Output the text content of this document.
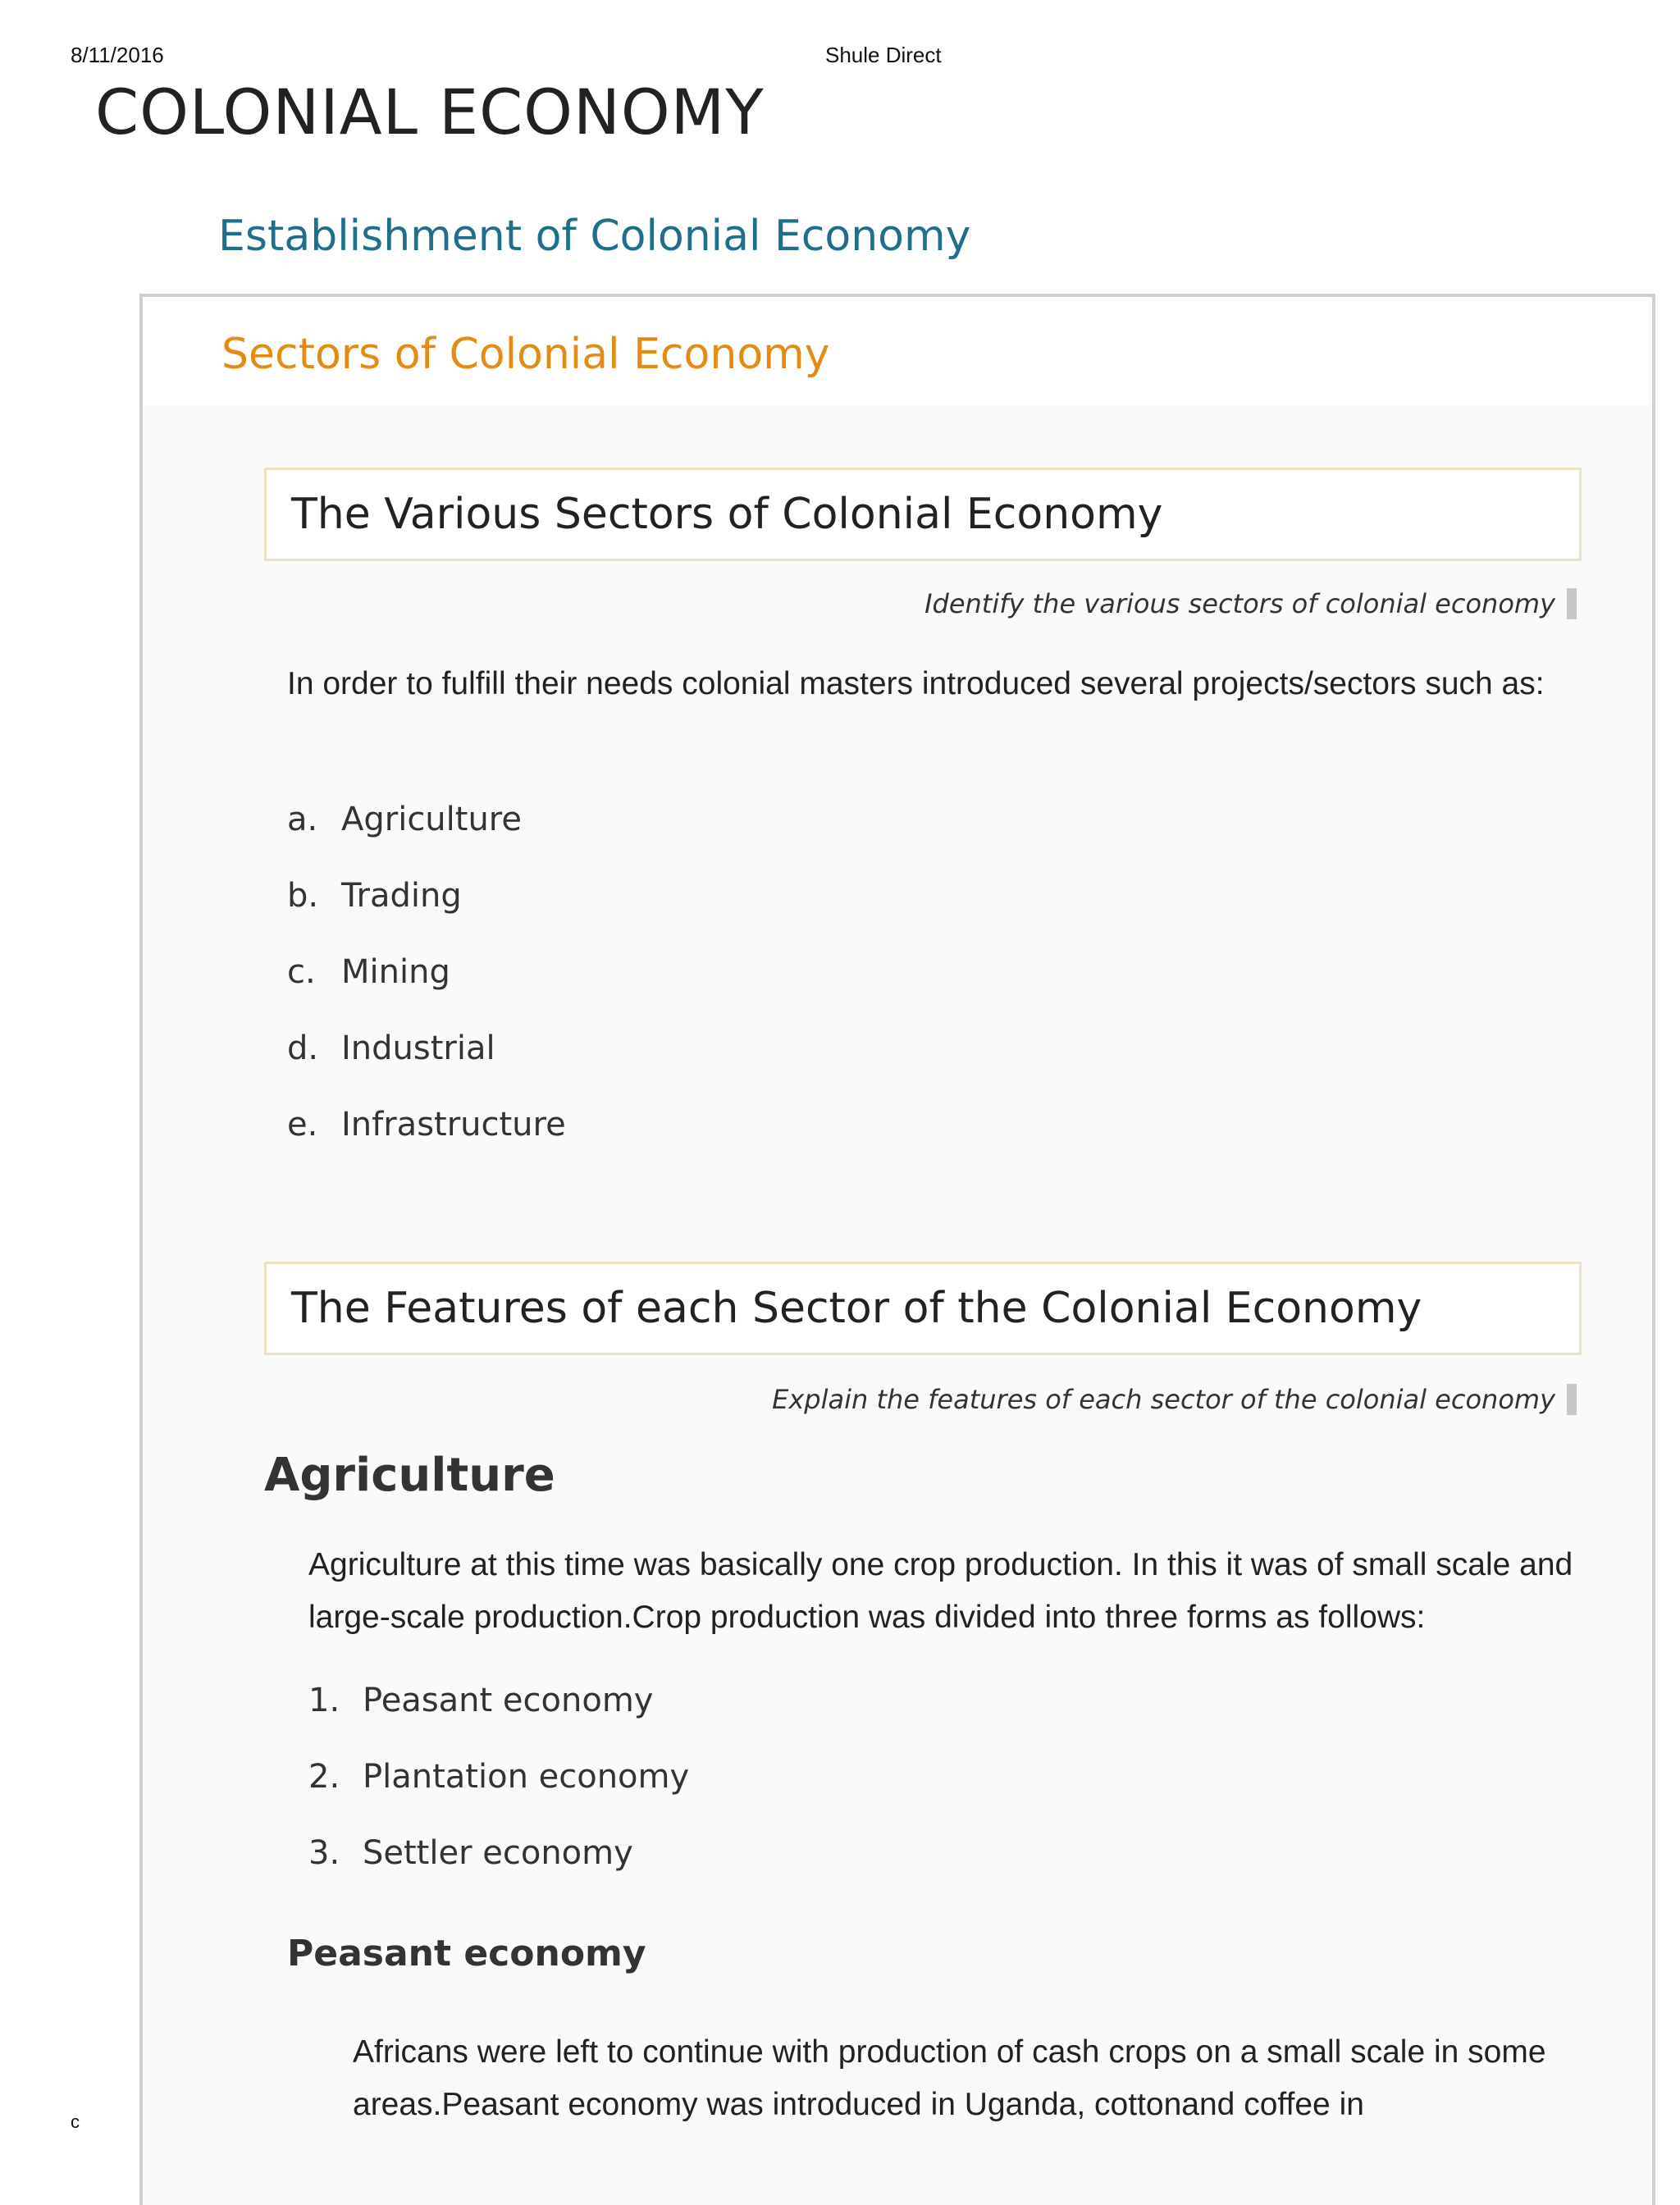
8/11/2016	Shule Direct
COLONIAL ECONOMY
Establishment of Colonial Economy
Sectors of Colonial Economy
The Various Sectors of Colonial Economy
Identify the various sectors of colonial economy

In order to fulfill their needs colonial masters introduced several projects/sectors such as:

a. Agriculture
b. Trading
c. Mining
d. Industrial
e. Infrastructure
The Features of each Sector of the Colonial Economy
Explain the features of each sector of the colonial economy
Agriculture

Agriculture at this time was basically one crop production. In this it was of small scale and large-scale production.Crop production was divided into three forms as follows:

1. Peasant economy
2. Plantation economy
3. Settler economy
Peasant economy

Africans were left to continue with production of cash crops on a small scale in some areas.Peasant economy was introduced in Uganda, cottonand coffee in

c
